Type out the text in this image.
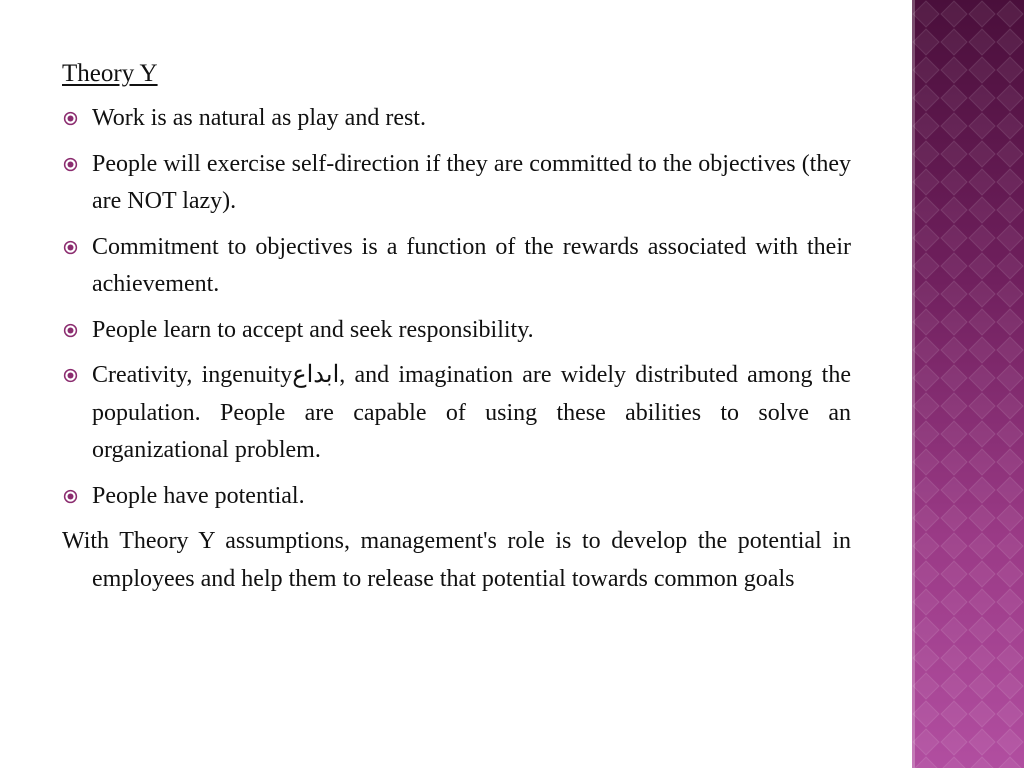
Theory Y
Work is as natural as play and rest.
People will exercise self-direction if they are committed to the objectives (they are NOT lazy).
Commitment to objectives is a function of the rewards associated with their achievement.
People learn to accept and seek responsibility.
Creativity, ingenuityابداع, and imagination are widely distributed among the population. People are capable of using these abilities to solve an organizational problem.
People have potential.
With Theory Y assumptions, management's role is to develop the potential in employees and help them to release that potential towards common goals
